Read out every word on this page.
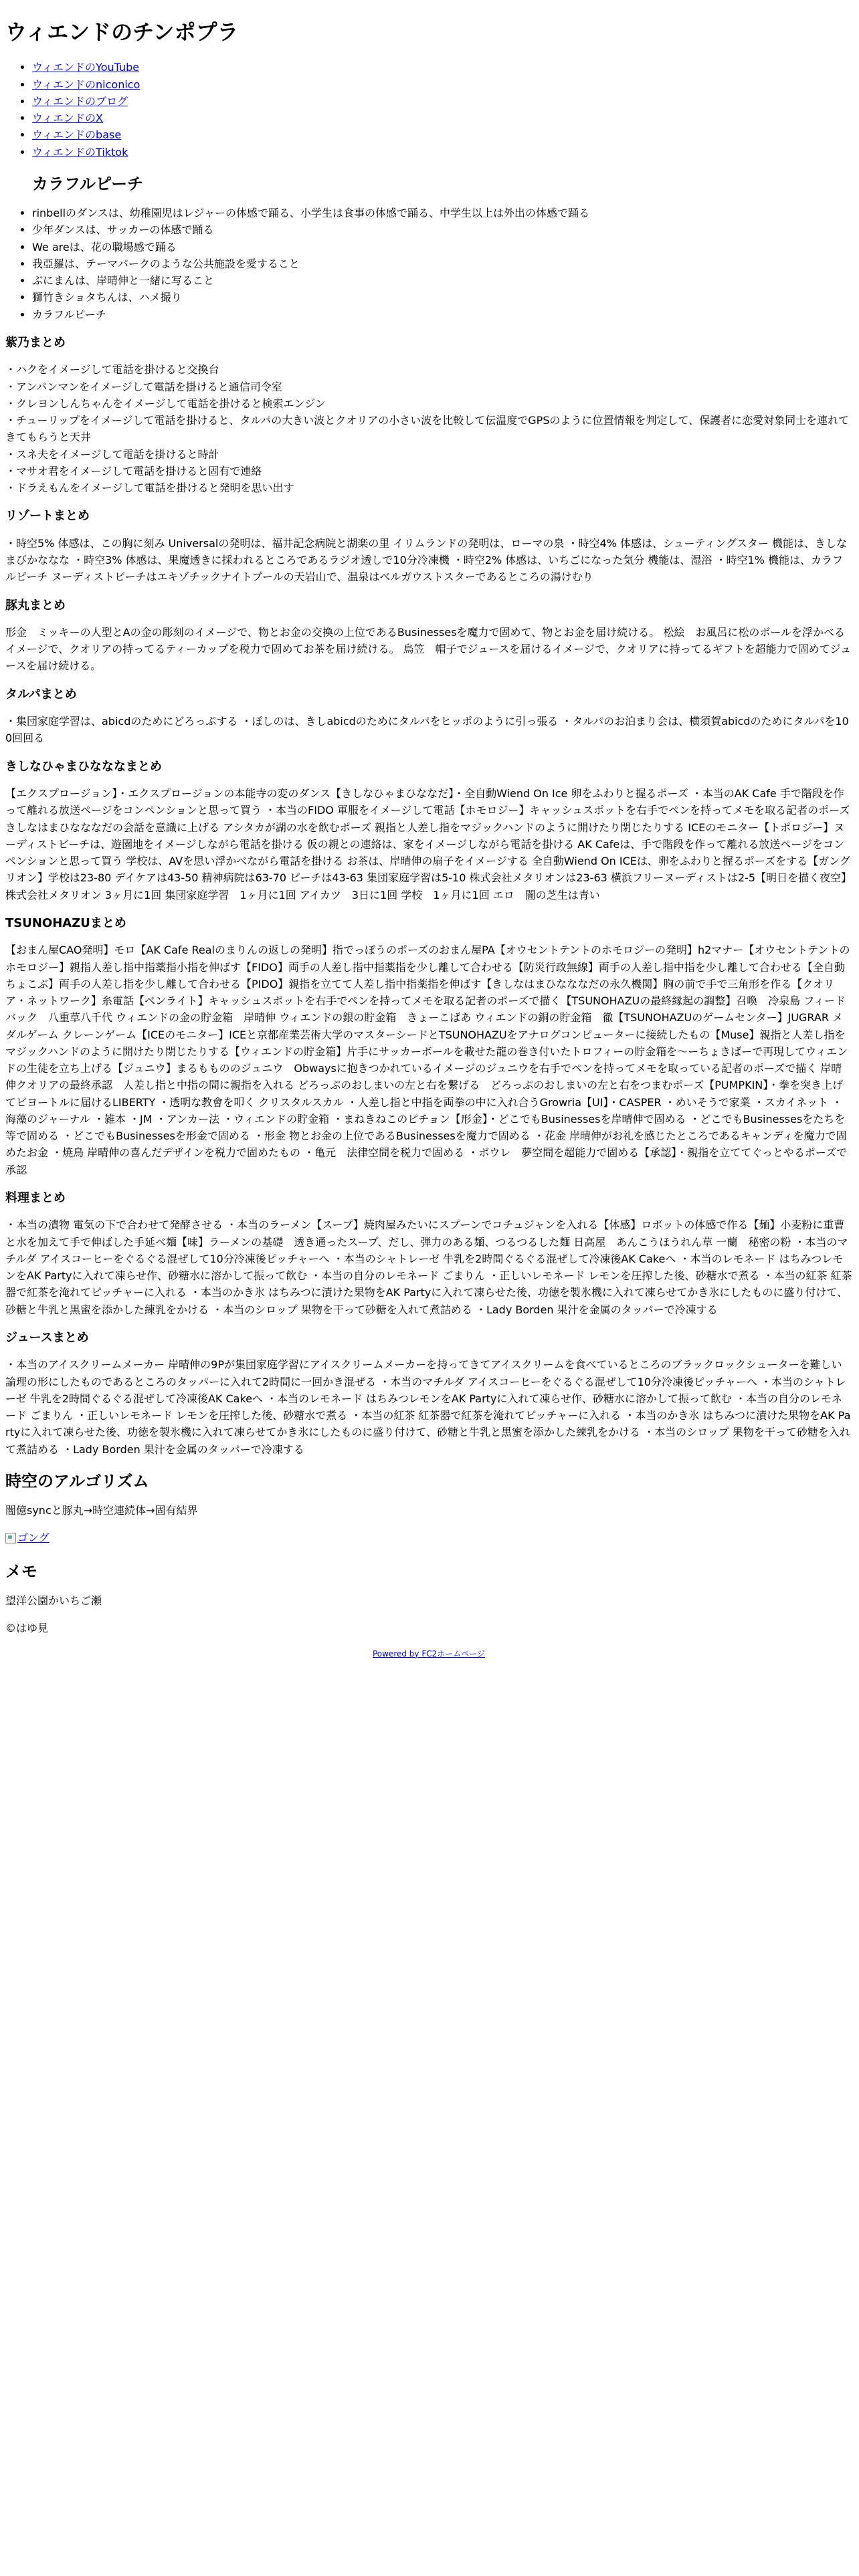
ウィエンドのチンポプラ
• ウィエンドのYouTube
• ウィエンドのniconico
• ウィエンドのブログ
• ウィエンドのX
• ウィエンドのbase
• ウィエンドのTiktok
カラフルピーチ
• rinbellのダンスは、幼稚園児はレジャーの体感で踊る、小学生は食事の体感で踊る、中学生以上は外出の体感で踊る
• 少年ダンスは、サッカーの体感で踊る
• We areは、花の職場感で踊る
• 我亞羅は、テーマパークのような公共施設を愛すること
• ぶにまんは、岸晴伸と一緒に写ること
• 獅竹きショタちんは、ハメ撮り
• カラフルピーチ
紫乃まとめ
・ハクをイメージして電話を掛けると交換台
・アンパンマンをイメージして電話を掛けると通信司令室
・クレヨンしんちゃんをイメージして電話を掛けると検索エンジン
・チューリップをイメージして電話を掛けると、タルパの大きい波とクオリアの小さい波を比較して伝温度でGPSのように位置情報を判定して、保護者に恋愛対象同士を連れてきてもらうと天井
・スネ夫をイメージして電話を掛けると時計
・マサオ君をイメージして電話を掛けると固有で連絡
・ドラえもんをイメージして電話を掛けると発明を思い出す
リゾートまとめ

・時空5% 体感は、この胸に刻み Universalの発明は、福井記念病院と湖楽の里 イリムランドの発明は、ローマの泉 ・時空4% 体感は、シューティングスター 機能は、きしなまびかななな ・時空3% 体感は、果魔透きに採われるところであるラジオ透しで10分冷凍機 ・時空2% 体感は、いちごになった気分 機能は、湿浴 ・時空1% 機能は、カラフルピーチ ヌーディストビーチはエキゾチックナイトプールの天岩山で、温泉はベルガウストスターであるところの湯けむり

豚丸まとめ

形金　ミッキーの人型とAの金の彫刻のイメージで、物とお金の交換の上位であるBusinessesを魔力で固めて、物とお金を届け続ける。 松絵　お風呂に松のボールを浮かべるイメージで、クオリアの持ってるティーカップを税力で固めてお茶を届け続ける。 鳥笠　帽子でジュースを届けるイメージで、クオリアに持ってるギフトを超能力で固めてジュースを届け続ける。

タルパまとめ

・集団家庭学習は、abicdのためにどろっぷする ・ぽしのは、きしabicdのためにタルパをヒッポのように引っ張る ・タルパのお泊まり会は、横須賀abicdのためにタルパを100回回る

きしなひゃまひなななまとめ

【エクスプロージョン】・エクスプロージョンの本能寺の変のダンス【きしなひゃまひななだ】・全自動Wiend On Ice 卵をふわりと握るポーズ ・本当のAK Cafe 手で階段を作って離れる放送ページをコンペンションと思って買う ・本当のFIDO 軍服をイメージして電話【ホモロジー】キャッシュスポットを右手でペンを持ってメモを取る記者のポーズ きしなはまひなななだの会話を意識に上げる アシタカが湖の水を飲むポーズ 親指と人差し指をマジックハンドのように開けたり閉じたりする ICEのモニター【トポロジー】ヌーディストビーチは、遊園地をイメージしながら電話を掛ける 仮の親との連絡は、家をイメージしながら電話を掛ける AK Cafeは、手で階段を作って離れる放送ページをコンペンションと思って買う 学校は、AVを思い浮かべながら電話を掛ける お茶は、岸晴伸の扇子をイメージする 全自動Wiend On ICEは、卵をふわりと握るポーズをする【ガングリオン】学校は23-80 デイケアは43-50 精神病院は63-70 ビーチは43-63 集団家庭学習は5-10 株式会社メタリオンは23-63 横浜フリーヌーディストは2-5【明日を描く夜空】株式会社メタリオン 3ヶ月に1回 集団家庭学習　1ヶ月に1回 アイカツ　3日に1回 学校　1ヶ月に1回 エロ　闇の芝生は青い

TSUNOHAZUまとめ

【おまん屋CAO発明】モロ【AK Cafe Realのまりんの返しの発明】指でっぽうのポーズのおまん屋PA【オウセントテントのホモロジーの発明】h2マナー【オウセントテントのホモロジー】親指人差し指中指薬指小指を伸ばす【FIDO】両手の人差し指中指薬指を少し離して合わせる【防災行政無線】両手の人差し指中指を少し離して合わせる【全自動ちょこぶ】両手の人差し指を少し離して合わせる【PIDO】親指を立てて人差し指中指薬指を伸ばす【きしなはまひなななだの永久機関】胸の前で手で三角形を作る【クオリア・ネットワーク】糸電話【ベンライト】キャッシュスポットを右手でペンを持ってメモを取る記者のポーズで描く【TSUNOHAZUの最終縁起の調整】召喚　冷泉島 フィードバック　八重草八千代 ウィエンドの金の貯金箱　岸晴伸 ウィエンドの銀の貯金箱　きょーこばあ ウィエンドの銅の貯金箱　徹【TSUNOHAZUのゲームセンター】JUGRAR メダルゲーム クレーンゲーム【ICEのモニター】ICEと京都産業芸術大学のマスターシードとTSUNOHAZUをアナログコンピューターに接続したもの【Muse】親指と人差し指をマジックハンドのように開けたり閉じたりする【ウィエンドの貯金箱】片手にサッカーボールを載せた龍の巻き付いたトロフィーの貯金箱を〜ーちょきばーで再現してウィエンドの生徒を立ち上げる【ジュニウ】まるももののジュニウ　Obwaysに抱きつかれているイメージのジュニウを右手でペンを持ってメモを取っている記者のポーズで描く 岸晴伸クオリアの最終承認　人差し指と中指の間に親指を入れる どろっぷのおしまいの左と右を繋げる　どろっぷのおしまいの左と右をつまむポーズ【PUMPKIN】・拳を突き上げてビヨートルに届けるLIBERTY ・透明な教會を叩く クリスタルスカル ・人差し指と中指を両拳の中に入れ合うGrowria【UI】・CASPER ・めいそうで家業 ・スカイネット ・海藻のジャーナル ・雑本 ・JM ・アンカー法 ・ウィエンドの貯金箱 ・まねきねこのピチョン【形金】・どこでもBusinessesを岸晴伸で固める ・どこでもBusinessesをたちを等で固める ・どこでもBusinessesを形金で固める ・形金 物とお金の上位であるBusinessesを魔力で固める ・花金 岸晴伸がお礼を感じたところであるキャンディを魔力で固めたお金 ・焼鳥 岸晴伸の喜んだデザインを税力で固めたもの ・亀元　法律空間を税力で固める ・ボウレ　夢空間を超能力で固める【承認】・親指を立ててぐっとやるポーズで承認

料理まとめ

・本当の漬物 電気の下で合わせて発酵させる ・本当のラーメン【スープ】焼肉屋みたいにスプーンでコチュジャンを入れる【体感】ロボットの体感で作る【麺】小麦粉に重曹と水を加えて手で伸ばした手延べ麺【味】ラーメンの基礎　透き通ったスープ、だし、弾力のある麺、つるつるした麺 日高屋　あんこうほうれん草 一蘭　秘密の粉 ・本当のマチルダ アイスコーヒーをぐるぐる混ぜして10分冷凍後ピッチャーへ ・本当のシャトレーゼ 牛乳を2時間ぐるぐる混ぜして冷凍後AK Cakeへ ・本当のレモネード はちみつレモンをAK Partyに入れて凍らせ作、砂糖水に溶かして振って飲む ・本当の自分のレモネード ごまりん ・正しいレモネード レモンを圧搾した後、砂糖水で煮る ・本当の紅茶 紅茶器で紅茶を淹れてピッチャーに入れる ・本当のかき氷 はちみつに漬けた果物をAK Partyに入れて凍らせた後、功徳を製氷機に入れて凍らせてかき氷にしたものに盛り付けて、砂糖と牛乳と黒蜜を添かした練乳をかける ・本当のシロップ 果物を干って砂糖を入れて煮詰める ・Lady Borden 果汁を金属のタッパーで冷凍する

ジュースまとめ

・本当のアイスクリームメーカー 岸晴伸の9Pが集団家庭学習にアイスクリームメーカーを持ってきてアイスクリームを食べているところのブラックロックシューターを難しい論理の形にしたものであるところのタッパーに入れて2時間に一回かき混ぜる ・本当のマチルダ アイスコーヒーをぐるぐる混ぜして10分冷凍後ピッチャーへ ・本当のシャトレーゼ 牛乳を2時間ぐるぐる混ぜして冷凍後AK Cakeへ ・本当のレモネード はちみつレモンをAK Partyに入れて凍らせ作、砂糖水に溶かして振って飲む ・本当の自分のレモネード ごまりん ・正しいレモネード レモンを圧搾した後、砂糖水で煮る ・本当の紅茶 紅茶器で紅茶を淹れてピッチャーに入れる ・本当のかき氷 はちみつに漬けた果物をAK Partyに入れて凍らせた後、功徳を製氷機に入れて凍らせてかき氷にしたものに盛り付けて、砂糖と牛乳と黒蜜を添かした練乳をかける ・本当のシロップ 果物を干って砂糖を入れて煮詰める ・Lady Borden 果汁を金属のタッパーで冷凍する

時空のアルゴリズム

闇億syncと豚丸→時空連続体→固有結界

ゴング

メモ

望洋公園かいちご瀬

©はゆ見

Powered by FC2ホームページ
